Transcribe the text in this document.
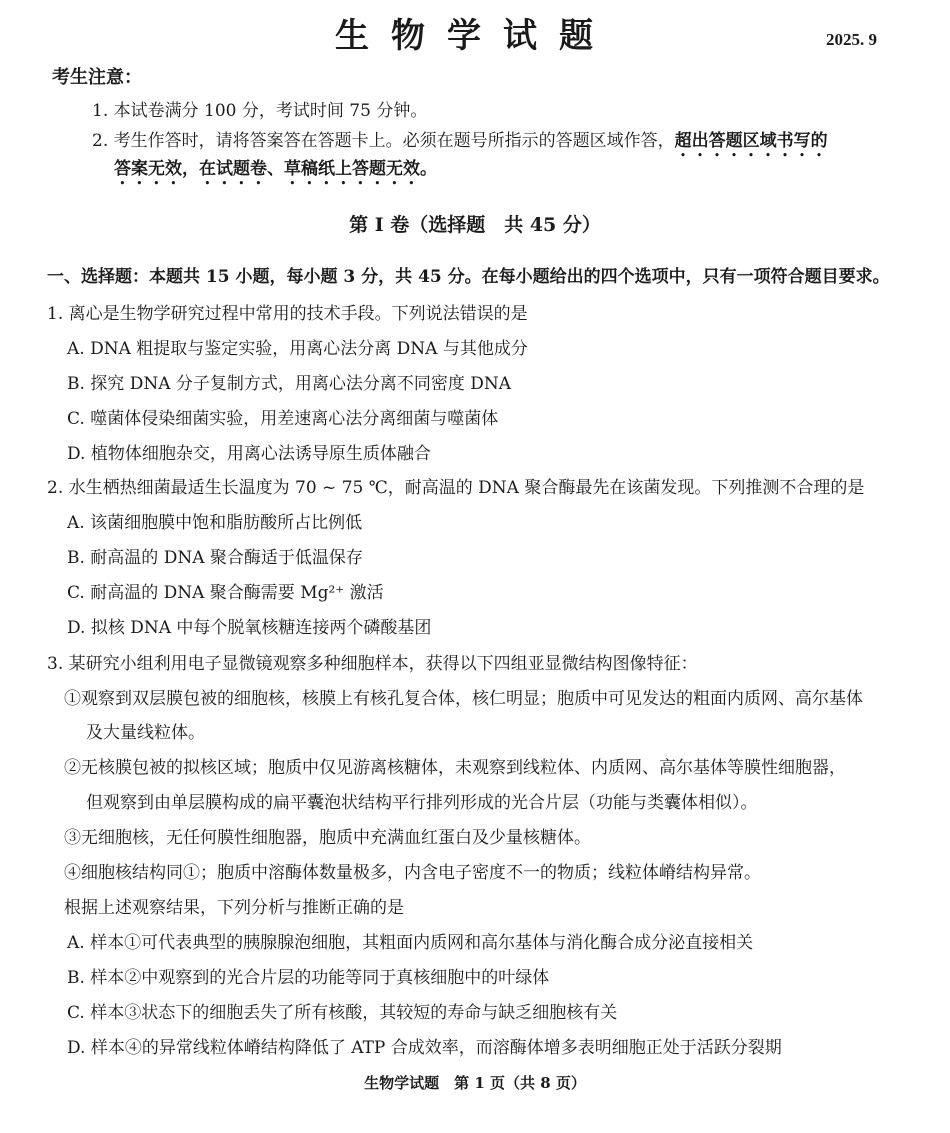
生物学试题	2025. 9
考生注意：
1. 本试卷满分 100 分，考试时间 75 分钟。
2. 考生作答时，请将答案答在答题卡上。必须在题号所指示的答题区域作答，超出答题区域书写的
答案无效，在试题卷、草稿纸上答题无效。
第 I 卷（选择题　共 45 分）
一、选择题：本题共 15 小题，每小题 3 分，共 45 分。在每小题给出的四个选项中，只有一项符合题目要求。
1. 离心是生物学研究过程中常用的技术手段。下列说法错误的是
A. DNA 粗提取与鉴定实验，用离心法分离 DNA 与其他成分
B. 探究 DNA 分子复制方式，用离心法分离不同密度 DNA
C. 噬菌体侵染细菌实验，用差速离心法分离细菌与噬菌体
D. 植物体细胞杂交，用离心法诱导原生质体融合
2. 水生栖热细菌最适生长温度为 70 ~ 75 ℃，耐高温的 DNA 聚合酶最先在该菌发现。下列推测不合理的是
A. 该菌细胞膜中饱和脂肪酸所占比例低
B. 耐高温的 DNA 聚合酶适于低温保存
C. 耐高温的 DNA 聚合酶需要 Mg²⁺ 激活
D. 拟核 DNA 中每个脱氧核糖连接两个磷酸基团
3. 某研究小组利用电子显微镜观察多种细胞样本，获得以下四组亚显微结构图像特征：
①观察到双层膜包被的细胞核，核膜上有核孔复合体，核仁明显；胞质中可见发达的粗面内质网、高尔基体
及大量线粒体。
②无核膜包被的拟核区域；胞质中仅见游离核糖体，未观察到线粒体、内质网、高尔基体等膜性细胞器，
但观察到由单层膜构成的扁平囊泡状结构平行排列形成的光合片层（功能与类囊体相似）。
③无细胞核，无任何膜性细胞器，胞质中充满血红蛋白及少量核糖体。
④细胞核结构同①；胞质中溶酶体数量极多，内含电子密度不一的物质；线粒体嵴结构异常。
根据上述观察结果，下列分析与推断正确的是
A. 样本①可代表典型的胰腺腺泡细胞，其粗面内质网和高尔基体与消化酶合成分泌直接相关
B. 样本②中观察到的光合片层的功能等同于真核细胞中的叶绿体
C. 样本③状态下的细胞丢失了所有核酸，其较短的寿命与缺乏细胞核有关
D. 样本④的异常线粒体嵴结构降低了 ATP 合成效率，而溶酶体增多表明细胞正处于活跃分裂期
生物学试题　第 1 页（共 8 页）
